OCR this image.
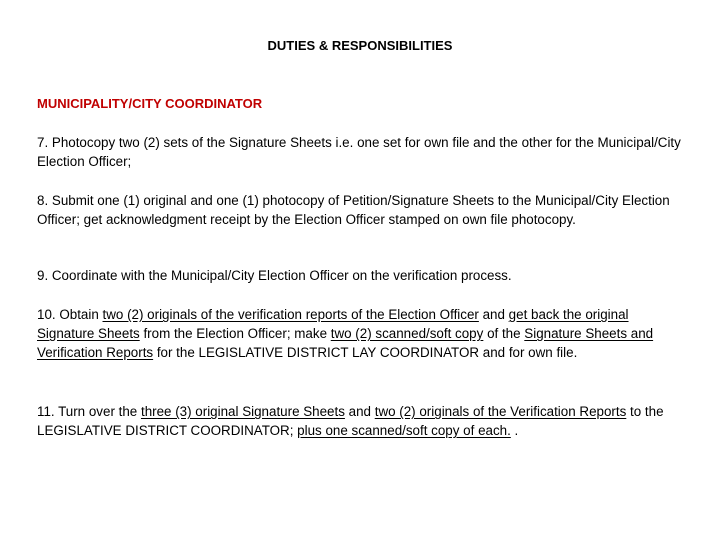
DUTIES & RESPONSIBILITIES
MUNICIPALITY/CITY COORDINATOR
7. Photocopy two (2) sets of the Signature Sheets i.e. one set for own file and the other for the Municipal/City Election Officer;
8. Submit one (1) original and one (1) photocopy of Petition/Signature Sheets to the Municipal/City Election Officer; get acknowledgment receipt by the Election Officer stamped on own file photocopy.
9. Coordinate with the Municipal/City Election Officer on the verification process.
10. Obtain two (2) originals of the verification reports of the Election Officer and get back the original Signature Sheets from the Election Officer; make two (2) scanned/soft copy of the Signature Sheets and Verification Reports for the LEGISLATIVE DISTRICT LAY COORDINATOR and for own file.
11. Turn over the three (3) original Signature Sheets and two (2) originals of the Verification Reports to the LEGISLATIVE DISTRICT COORDINATOR; plus one scanned/soft copy of each. .
